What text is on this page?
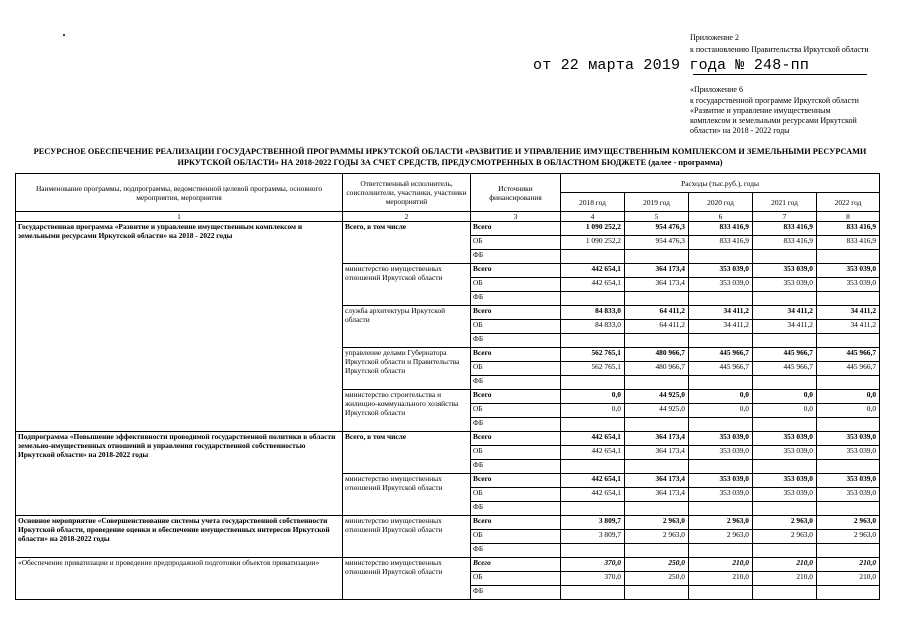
Приложение 2
к постановлению Правительства Иркутской области
от 22 марта 2019 года № 248-пп
«Приложение 6
к государственной программе Иркутской области
«Развитие и управление имущественным
комплексом и земельными ресурсами Иркутской
области» на 2018 - 2022 годы
РЕСУРСНОЕ ОБЕСПЕЧЕНИЕ РЕАЛИЗАЦИИ ГОСУДАРСТВЕННОЙ ПРОГРАММЫ ИРКУТСКОЙ ОБЛАСТИ «РАЗВИТИЕ И УПРАВЛЕНИЕ ИМУЩЕСТВЕННЫМ КОМПЛЕКСОМ И ЗЕМЕЛЬНЫМИ РЕСУРСАМИ
ИРКУТСКОЙ ОБЛАСТИ» НА 2018-2022 ГОДЫ ЗА СЧЕТ СРЕДСТВ, ПРЕДУСМОТРЕННЫХ В ОБЛАСТНОМ БЮДЖЕТЕ (далее - программа)
Наименование программы, подпрограммы, ведомственной целевой программы, основного мероприятия, мероприятия	Ответственный исполнитель, соисполнители, участники, участники мероприятий	Источники финансирования	Расходы (тыс.руб.), годы				
			2018 год	2019 год	2020 год	2021 год	2022 год
1	2	3	4	5	6	7	8
Государственная программа «Развитие и управление имущественным комплексом и земельными ресурсами Иркутской области» на 2018 - 2022 годы	Всего, в том числе	Всего	1 090 252,2	954 476,3	833 416,9	833 416,9	833 416,9
		ОБ	1 090 252,2	954 476,3	833 416,9	833 416,9	833 416,9
		ФБ					
	министерство имущественных отношений Иркутской области	Всего	442 654,1	364 173,4	353 039,0	353 039,0	353 039,0
		ОБ	442 654,1	364 173,4	353 039,0	353 039,0	353 039,0
		ФБ					
	служба архитектуры Иркутской области	Всего	84 833,0	64 411,2	34 411,2	34 411,2	34 411,2
		ОБ	84 833,0	64 411,2	34 411,2	34 411,2	34 411,2
		ФБ					
	управление делами Губернатора Иркутской области и Правительства Иркутской области	Всего	562 765,1	480 966,7	445 966,7	445 966,7	445 966,7
		ОБ	562 765,1	480 966,7	445 966,7	445 966,7	445 966,7
		ФБ					
	министерство строительства и жилищно-коммунального хозяйства Иркутской области	Всего	0,0	44 925,0	0,0	0,0	0,0
		ОБ	0,0	44 925,0	0,0	0,0	0,0
		ФБ					
Подпрограмма «Повышение эффективности проводимой государственной политики в области земельно-имущественных отношений и управления государственной собственностью Иркутской области» на 2018-2022 годы	Всего, в том числе	Всего	442 654,1	364 173,4	353 039,0	353 039,0	353 039,0
		ОБ	442 654,1	364 173,4	353 039,0	353 039,0	353 039,0
		ФБ					
	министерство имущественных отношений Иркутской области	Всего	442 654,1	364 173,4	353 039,0	353 039,0	353 039,0
		ОБ	442 654,1	364 173,4	353 039,0	353 039,0	353 039,0
		ФБ					
Основное мероприятие «Совершенствование системы учета государственной собственности Иркутской области, проведение оценки и обеспечение имущественных интересов Иркутской области» на 2018-2022 годы	министерство имущественных отношений Иркутской области	Всего	3 809,7	2 963,0	2 963,0	2 963,0	2 963,0
		ОБ	3 809,7	2 963,0	2 963,0	2 963,0	2 963,0
		ФБ					
«Обеспечение приватизации и проведение предпродажной подготовки объектов приватизации»	министерство имущественных отношений Иркутской области	Всего	370,0	250,0	210,0	210,0	210,0
		ОБ	370,0	250,0	210,0	210,0	210,0
		ФБ					
